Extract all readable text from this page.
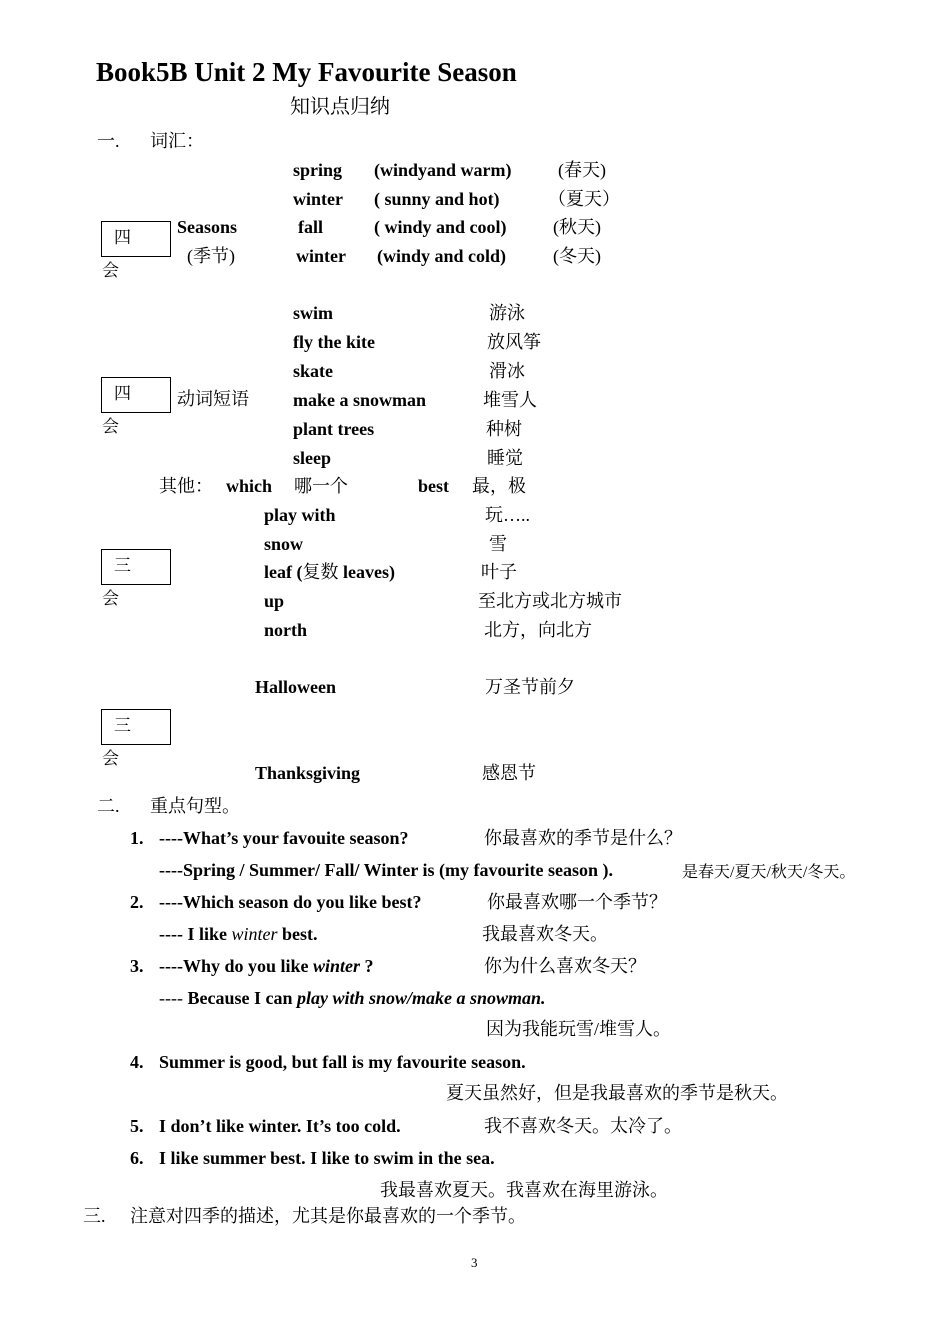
Book5B Unit 2 My Favourite Season
知识点归纳
一. 词汇：
四 会
Seasons
(季节)
spring (windyand warm)	(春天)
winter ( sunny and hot)	（夏天）
fall	( windy and cool)	(秋天)
winter (windy and cold)	(冬天)
四 会
动词短语
swim	游泳
fly the kite	放风筝
skate	滑冰
make a snowman	堆雪人
plant trees	种树
sleep	睡觉
其他： which 哪一个	best 最，极
三 会
play with	玩…..
snow	雪
leaf (复数 leaves)	叶子
up	至北方或北方城市
north	北方，向北方
三 会
Halloween	万圣节前夕
Thanksgiving	感恩节
二. 重点句型。
1. ----What’s your favouite season?	你最喜欢的季节是什么？
----Spring / Summer/ Fall/ Winter is (my favourite season ).	是春天/夏天/秋天/冬天。
2. ----Which season do you like best?	你最喜欢哪一个季节？
---- I like winter best.	我最喜欢冬天。
3. ----Why do you like winter ?	你为什么喜欢冬天？
---- Because I can play with snow/make a snowman.
因为我能玩雪/堆雪人。
4. Summer is good, but fall is my favourite season.
夏天虽然好，但是我最喜欢的季节是秋天。
5. I don’t like winter. It’s too cold.	我不喜欢冬天。太冷了。
6. I like summer best. I like to swim in the sea.
我最喜欢夏天。我喜欢在海里游泳。
三. 注意对四季的描述，尤其是你最喜欢的一个季节。
3
